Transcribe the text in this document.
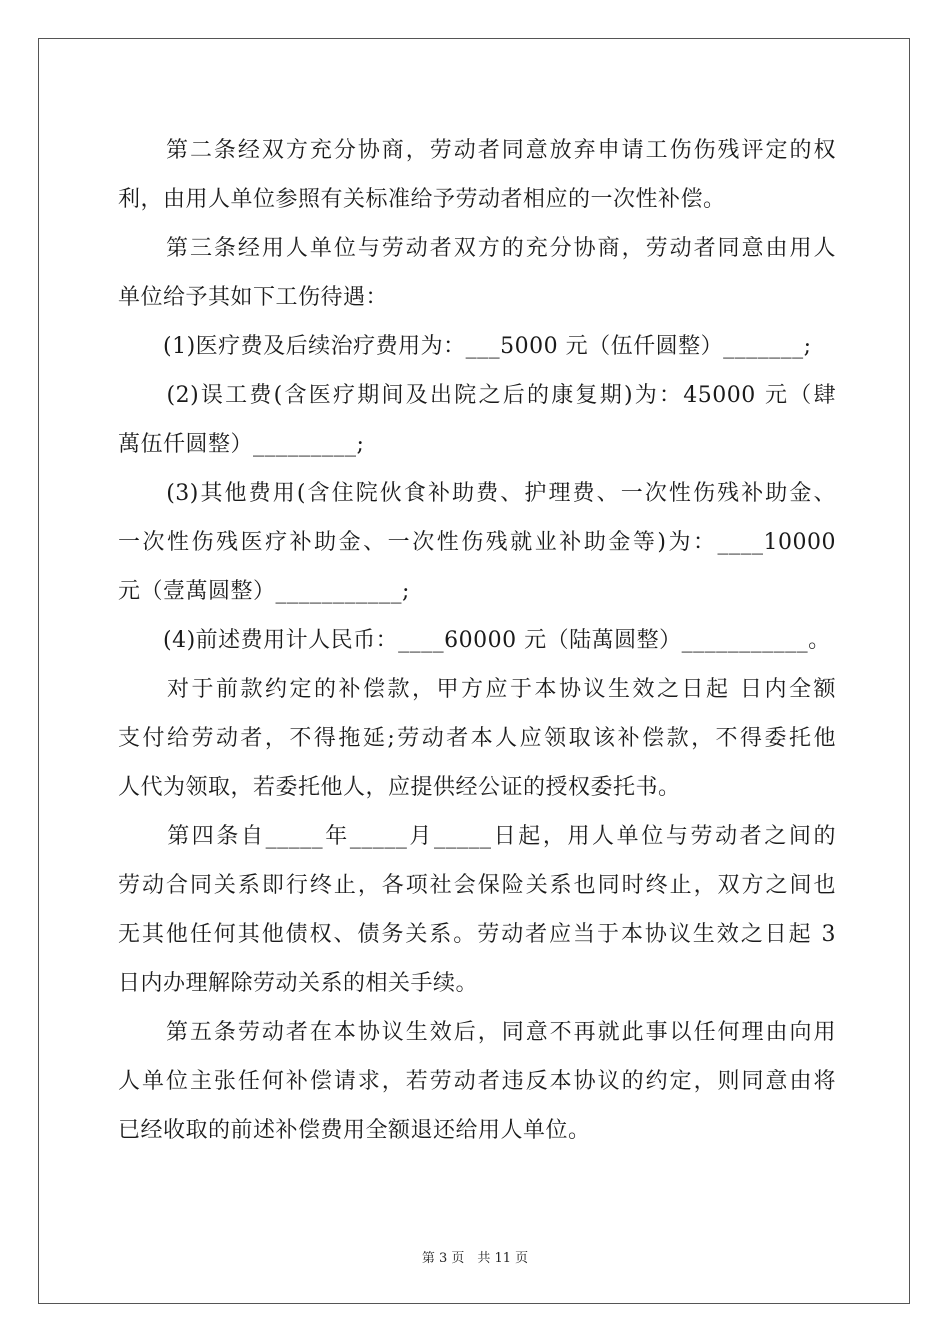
　　第二条经双方充分协商，劳动者同意放弃申请工伤伤残评定的权
利，由用人单位参照有关标准给予劳动者相应的一次性补偿。
　　第三条经用人单位与劳动者双方的充分协商，劳动者同意由用人
单位给予其如下工伤待遇：
　　(1)医疗费及后续治疗费用为：___5000 元（伍仟圆整）_______;
　　(2)误工费(含医疗期间及出院之后的康复期)为：45000 元（肆
萬伍仟圆整）_________;
　　(3)其他费用(含住院伙食补助费、护理费、一次性伤残补助金、
一次性伤残医疗补助金、一次性伤残就业补助金等)为：____10000
元（壹萬圆整）___________;
　　(4)前述费用计人民币：____60000 元（陆萬圆整）___________。
　　对于前款约定的补偿款，甲方应于本协议生效之日起 日内全额
支付给劳动者，不得拖延;劳动者本人应领取该补偿款，不得委托他
人代为领取，若委托他人，应提供经公证的授权委托书。
　　第四条自_____年_____月_____日起，用人单位与劳动者之间的
劳动合同关系即行终止，各项社会保险关系也同时终止，双方之间也
无其他任何其他债权、债务关系。劳动者应当于本协议生效之日起 3
日内办理解除劳动关系的相关手续。
　　第五条劳动者在本协议生效后，同意不再就此事以任何理由向用
人单位主张任何补偿请求，若劳动者违反本协议的约定，则同意由将
已经收取的前述补偿费用全额退还给用人单位。
第 3 页　共 11 页
